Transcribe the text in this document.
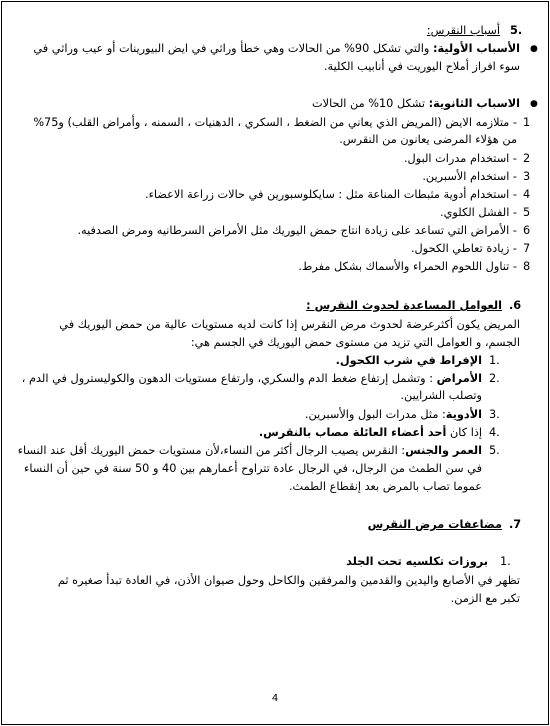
5.
أسباب النقرس:
●
الأسباب الأولية: والتي تشكل 90% من الحالات وهي خطأ وراثي في ايض البيورينات أو عيب وراثي في
سوء افراز أملاح اليوريت في أنابيب الكلية.
●
الاسباب الثانوية: تشكل 10% من الحالات
1
- متلازمه الايض (المريض الذي يعاني من الضغط ، السكري ، الدهنيات ، السمنه ، وأمراض القلب) و75%
من هؤلاء المرضى يعانون من النقرس.
2
- استخدام مدرات البول.
3
- استخدام الأسبرين.
4
- استخدام أدوية مثبطات المناعة مثل : سايكلوسبورين في حالات زراعة الاعضاء.
5
- الفشل الكلوي.
6
- الأمراض التي تساعد على زيادة انتاج حمض اليوريك مثل الأمراض السرطانيه ومرض الصدفيه.
7
- زيادة تعاطي الكحول.
8
- تناول اللحوم الحمراء والأسماك بشكل مفرط.
.6
العوامل المساعدة لحدوث النقرس :
المريض يكون أكثرعرضة لحدوث مرض النقرس إذا كانت لديه مستويات عالية من حمض اليوريك في
الجسم، و العوامل التي تزيد من مستوى حمض اليوريك في الجسم هي:
1.
الإفراط في شرب الكحول.
2.
الأمراض : وتشمل إرتفاع ضغط الدم والسكري، وارتفاع مستويات الدهون والكوليسترول في الدم ،
وتصلب الشرايين.
3.
الأدوية: مثل مدرات البول والأسبرين.
4.
إذا كان أحد أعضاء العائلة مصاب بالنقرس.
5.
العمر والجنس: النقرس يصيب الرجال أكثر من النساء،لأن مستويات حمض اليوريك أقل عند النساء
في سن الطمث من الرجال، في الرجال عادة تتراوح أعمارهم بين 40 و 50 سنة في حين أن النساء
عموما تصاب بالمرض بعد إنقطاع الطمث.
.7
مضاعفات مرض النقرس
1.
بروزات تكلسيه تحت الجلد
تظهر في الأصابع واليدين والقدمين والمرفقين والكاحل وحول صيوان الأذن، في العادة تبدأ صغيره ثم
تكبر مع الزمن.
4
